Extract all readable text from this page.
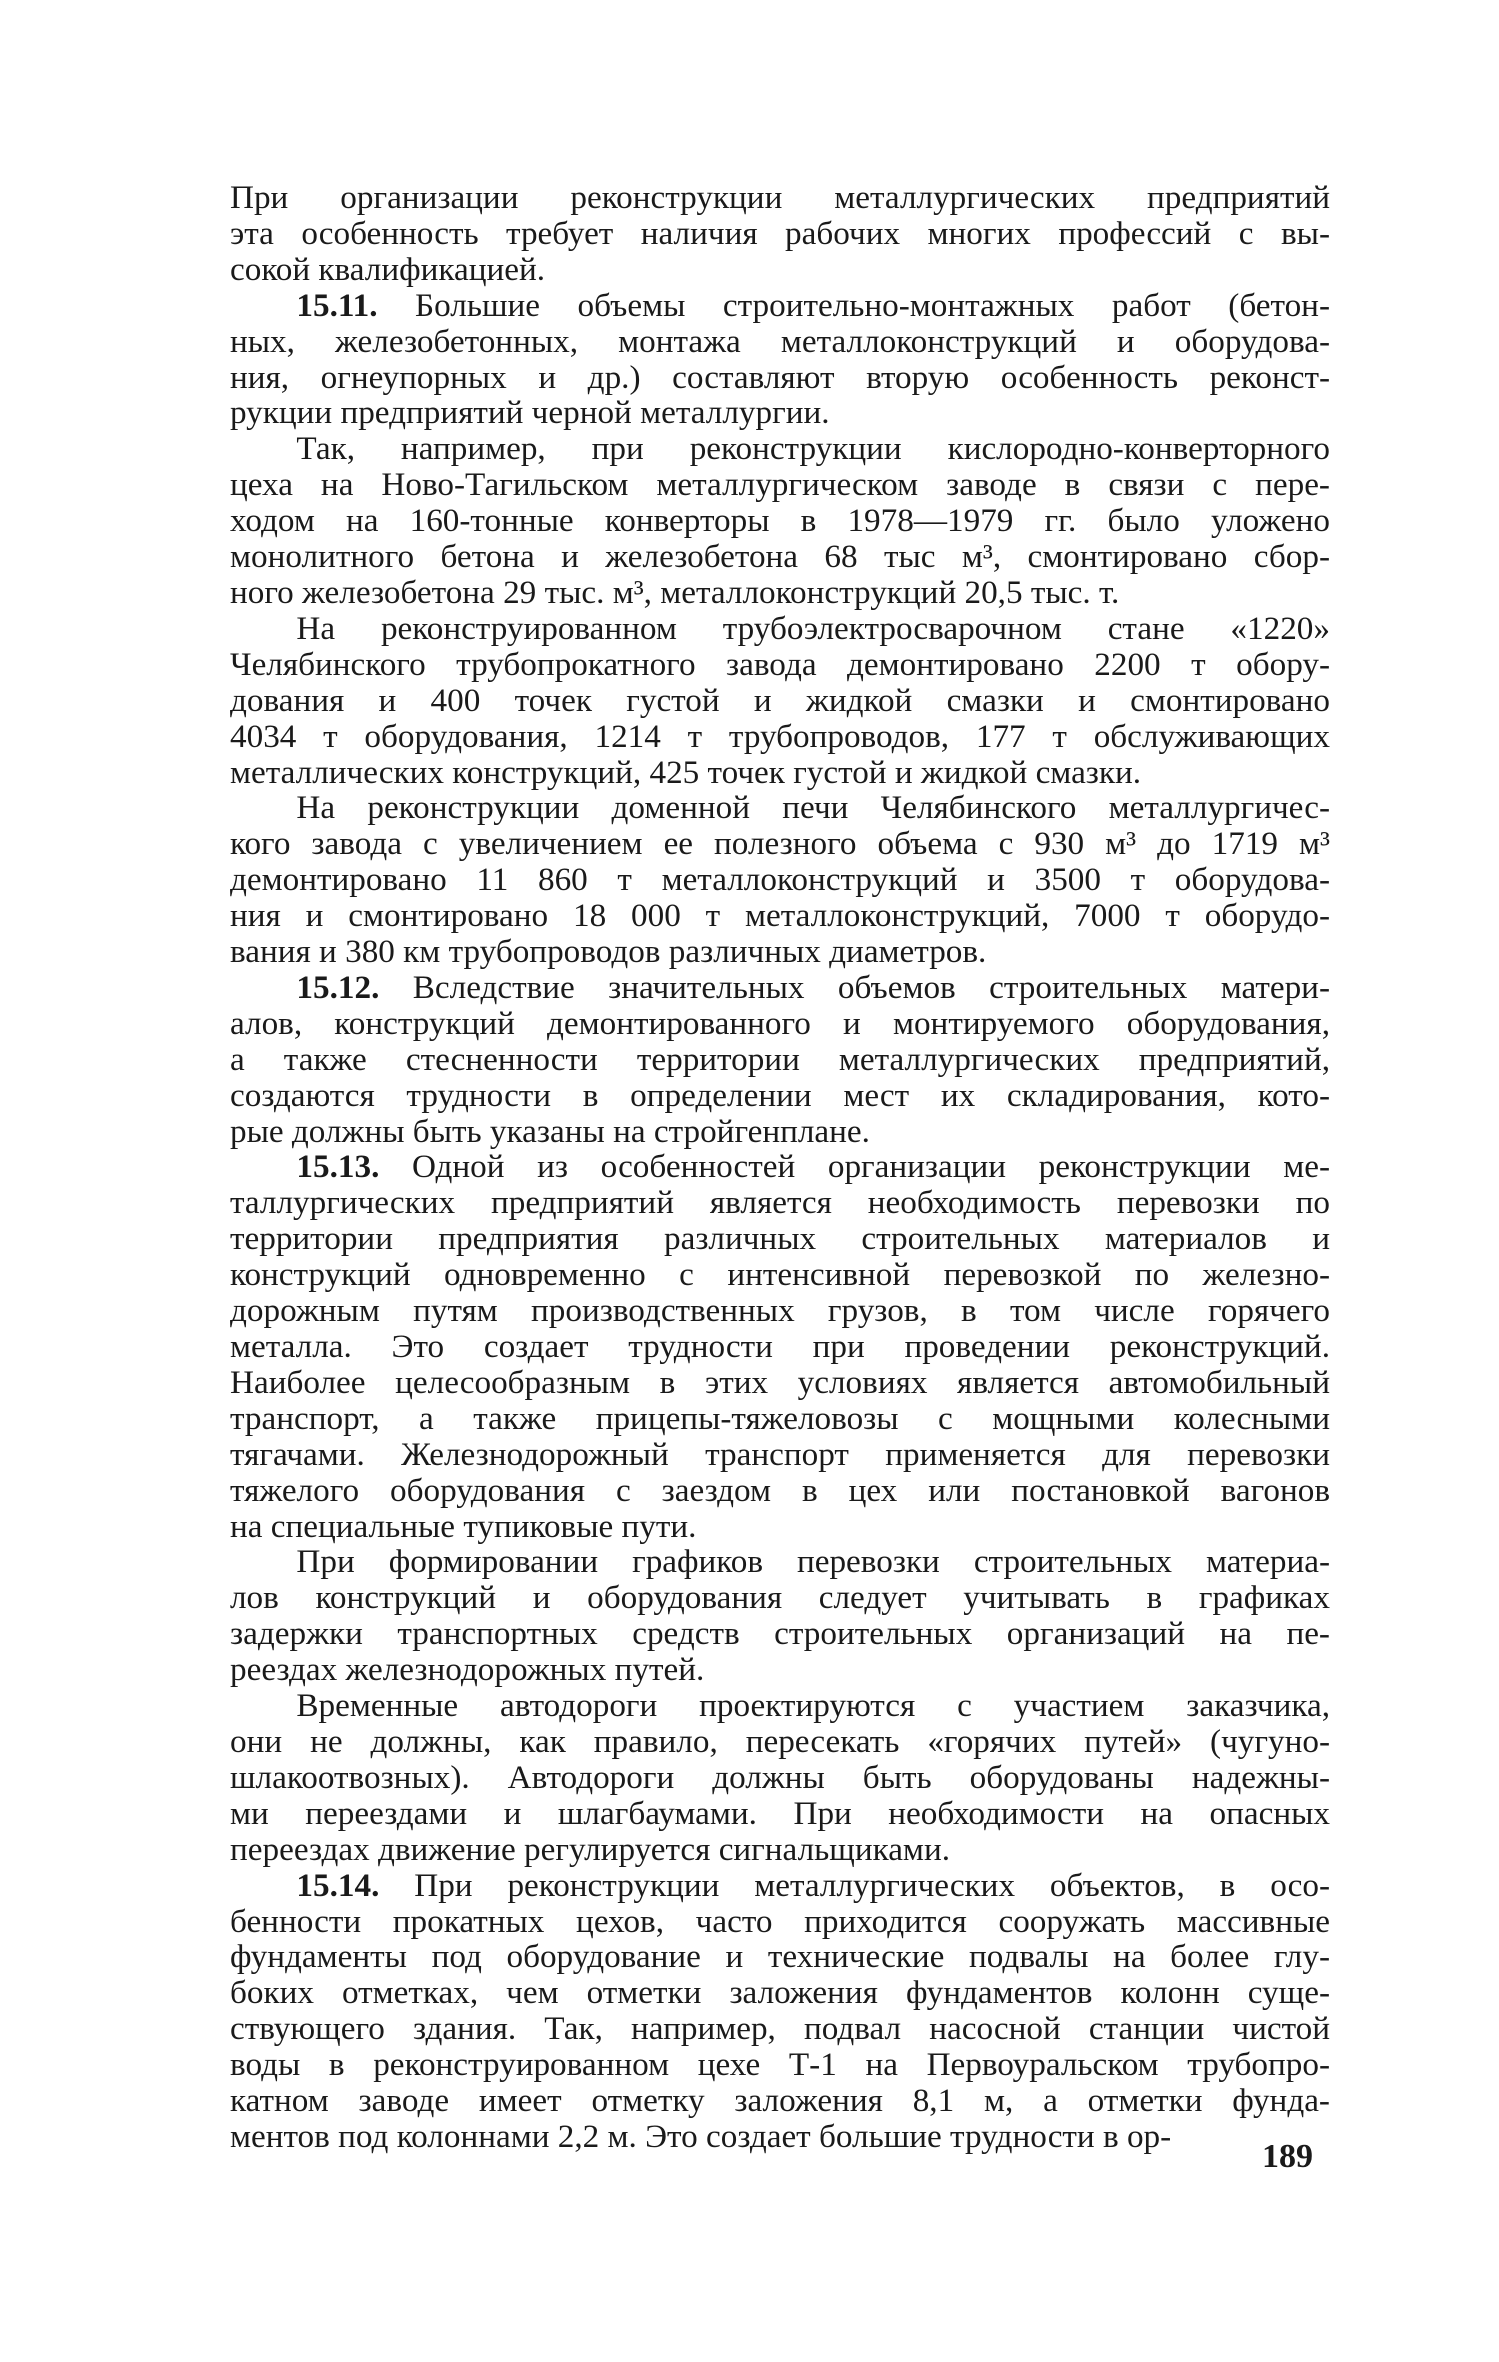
При организации реконструкции металлургических предприятий
эта особенность требует наличия рабочих многих профессий с вы-
сокой квалификацией.

15.11. Большие объемы строительно-монтажных работ (бетон-
ных, железобетонных, монтажа металлоконструкций и оборудова-
ния, огнеупорных и др.) составляют вторую особенность реконст-
рукции предприятий черной металлургии.

Так, например, при реконструкции кислородно-конверторного
цеха на Ново-Тагильском металлургическом заводе в связи с пере-
ходом на 160-тонные конверторы в 1978—1979 гг. было уложено
монолитного бетона и железобетона 68 тыс м³, смонтировано сбор-
ного железобетона 29 тыс. м³, металлоконструкций 20,5 тыс. т.

На реконструированном трубоэлектросварочном стане «1220»
Челябинского трубопрокатного завода демонтировано 2200 т обору-
дования и 400 точек густой и жидкой смазки и смонтировано
4034 т оборудования, 1214 т трубопроводов, 177 т обслуживающих
металлических конструкций, 425 точек густой и жидкой смазки.

На реконструкции доменной печи Челябинского металлургичес-
кого завода с увеличением ее полезного объема с 930 м³ до 1719 м³
демонтировано 11 860 т металлоконструкций и 3500 т оборудова-
ния и смонтировано 18 000 т металлоконструкций, 7000 т оборудо-
вания и 380 км трубопроводов различных диаметров.

15.12. Вследствие значительных объемов строительных матери-
алов, конструкций демонтированного и монтируемого оборудования,
а также стесненности территории металлургических предприятий,
создаются трудности в определении мест их складирования, кото-
рые должны быть указаны на стройгенплане.

15.13. Одной из особенностей организации реконструкции ме-
таллургических предприятий является необходимость перевозки по
территории предприятия различных строительных материалов и
конструкций одновременно с интенсивной перевозкой по железно-
дорожным путям производственных грузов, в том числе горячего
металла. Это создает трудности при проведении реконструкций.
Наиболее целесообразным в этих условиях является автомобильный
транспорт, а также прицепы-тяжеловозы с мощными колесными
тягачами. Железнодорожный транспорт применяется для перевозки
тяжелого оборудования с заездом в цех или постановкой вагонов
на специальные тупиковые пути.

При формировании графиков перевозки строительных материа-
лов конструкций и оборудования следует учитывать в графиках
задержки транспортных средств строительных организаций на пе-
реездах железнодорожных путей.

Временные автодороги проектируются с участием заказчика,
они не должны, как правило, пересекать «горячих путей» (чугуно-
шлакоотвозных). Автодороги должны быть оборудованы надежны-
ми переездами и шлагбаумами. При необходимости на опасных
переездах движение регулируется сигнальщиками.

15.14. При реконструкции металлургических объектов, в осо-
бенности прокатных цехов, часто приходится сооружать массивные
фундаменты под оборудование и технические подвалы на более глу-
боких отметках, чем отметки заложения фундаментов колонн суще-
ствующего здания. Так, например, подвал насосной станции чистой
воды в реконструированном цехе Т-1 на Первоуральском трубопро-
катном заводе имеет отметку заложения 8,1 м, а отметки фунда-
ментов под колоннами 2,2 м. Это создает большие трудности в ор-

189
